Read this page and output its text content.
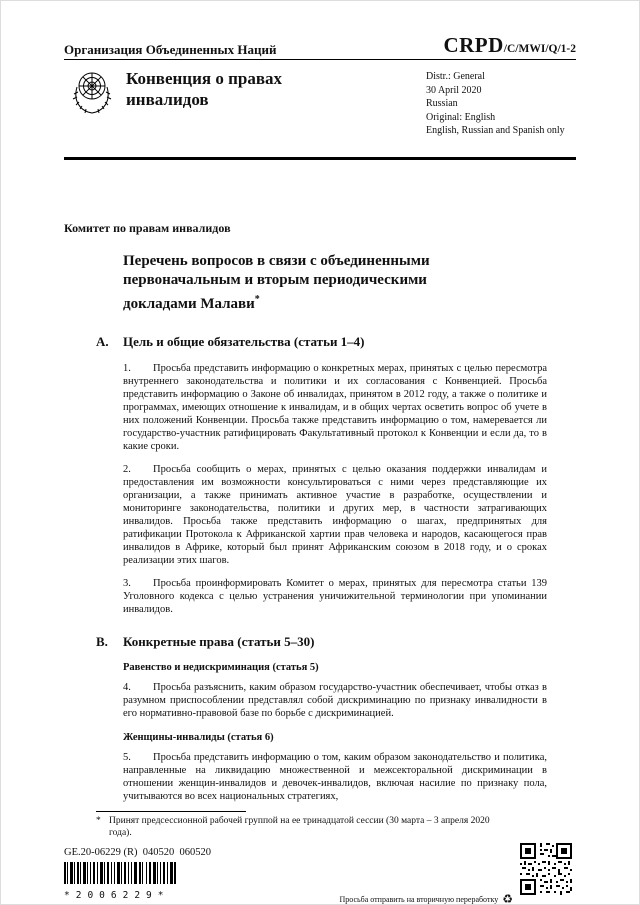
Организация Объединенных Наций	CRPD/C/MWI/Q/1-2
Конвенция о правах инвалидов
Distr.: General
30 April 2020
Russian
Original: English
English, Russian and Spanish only
Комитет по правам инвалидов
Перечень вопросов в связи с объединенными первоначальным и вторым периодическими докладами Малави*
A.	Цель и общие обязательства (статьи 1–4)

1. Просьба представить информацию о конкретных мерах, принятых с целью пересмотра внутреннего законодательства и политики и их согласования с Конвенцией. Просьба представить информацию о Законе об инвалидах, принятом в 2012 году, а также о политике и программах, имеющих отношение к инвалидам, и в общих чертах осветить вопрос об учете в них положений Конвенции. Просьба также представить информацию о том, намеревается ли государство-участник ратифицировать Факультативный протокол к Конвенции и если да, то в какие сроки.

2. Просьба сообщить о мерах, принятых с целью оказания поддержки инвалидам и предоставления им возможности консультироваться с ними через представляющие их организации, а также принимать активное участие в разработке, осуществлении и мониторинге законодательства, политики и других мер, в частности затрагивающих инвалидов. Просьба также представить информацию о шагах, предпринятых для ратификации Протокола к Африканской хартии прав человека и народов, касающегося прав инвалидов в Африке, который был принят Африканским союзом в 2018 году, и о сроках реализации этих шагов.

3. Просьба проинформировать Комитет о мерах, принятых для пересмотра статьи 139 Уголовного кодекса с целью устранения уничижительной терминологии при упоминании инвалидов.

B.	Конкретные права (статьи 5–30)
Равенство и недискриминация (статья 5)

4. Просьба разъяснить, каким образом государство-участник обеспечивает, чтобы отказ в разумном приспособлении представлял собой дискриминацию по признаку инвалидности в его нормативно-правовой базе по борьбе с дискриминацией.

Женщины-инвалиды (статья 6)

5. Просьба представить информацию о том, каким образом законодательство и политика, направленные на ликвидацию множественной и межсекторальной дискриминации в отношении женщин-инвалидов и девочек-инвалидов, включая насилие по признаку пола, учитываются во всех национальных стратегиях,

* Принят предсессионной рабочей группой на ее тринадцатой сессии (30 марта – 3 апреля 2020 года).
GE.20-06229 (R)  040520  060520
*2006229*	Просьба отправить на вторичную переработку ♻
